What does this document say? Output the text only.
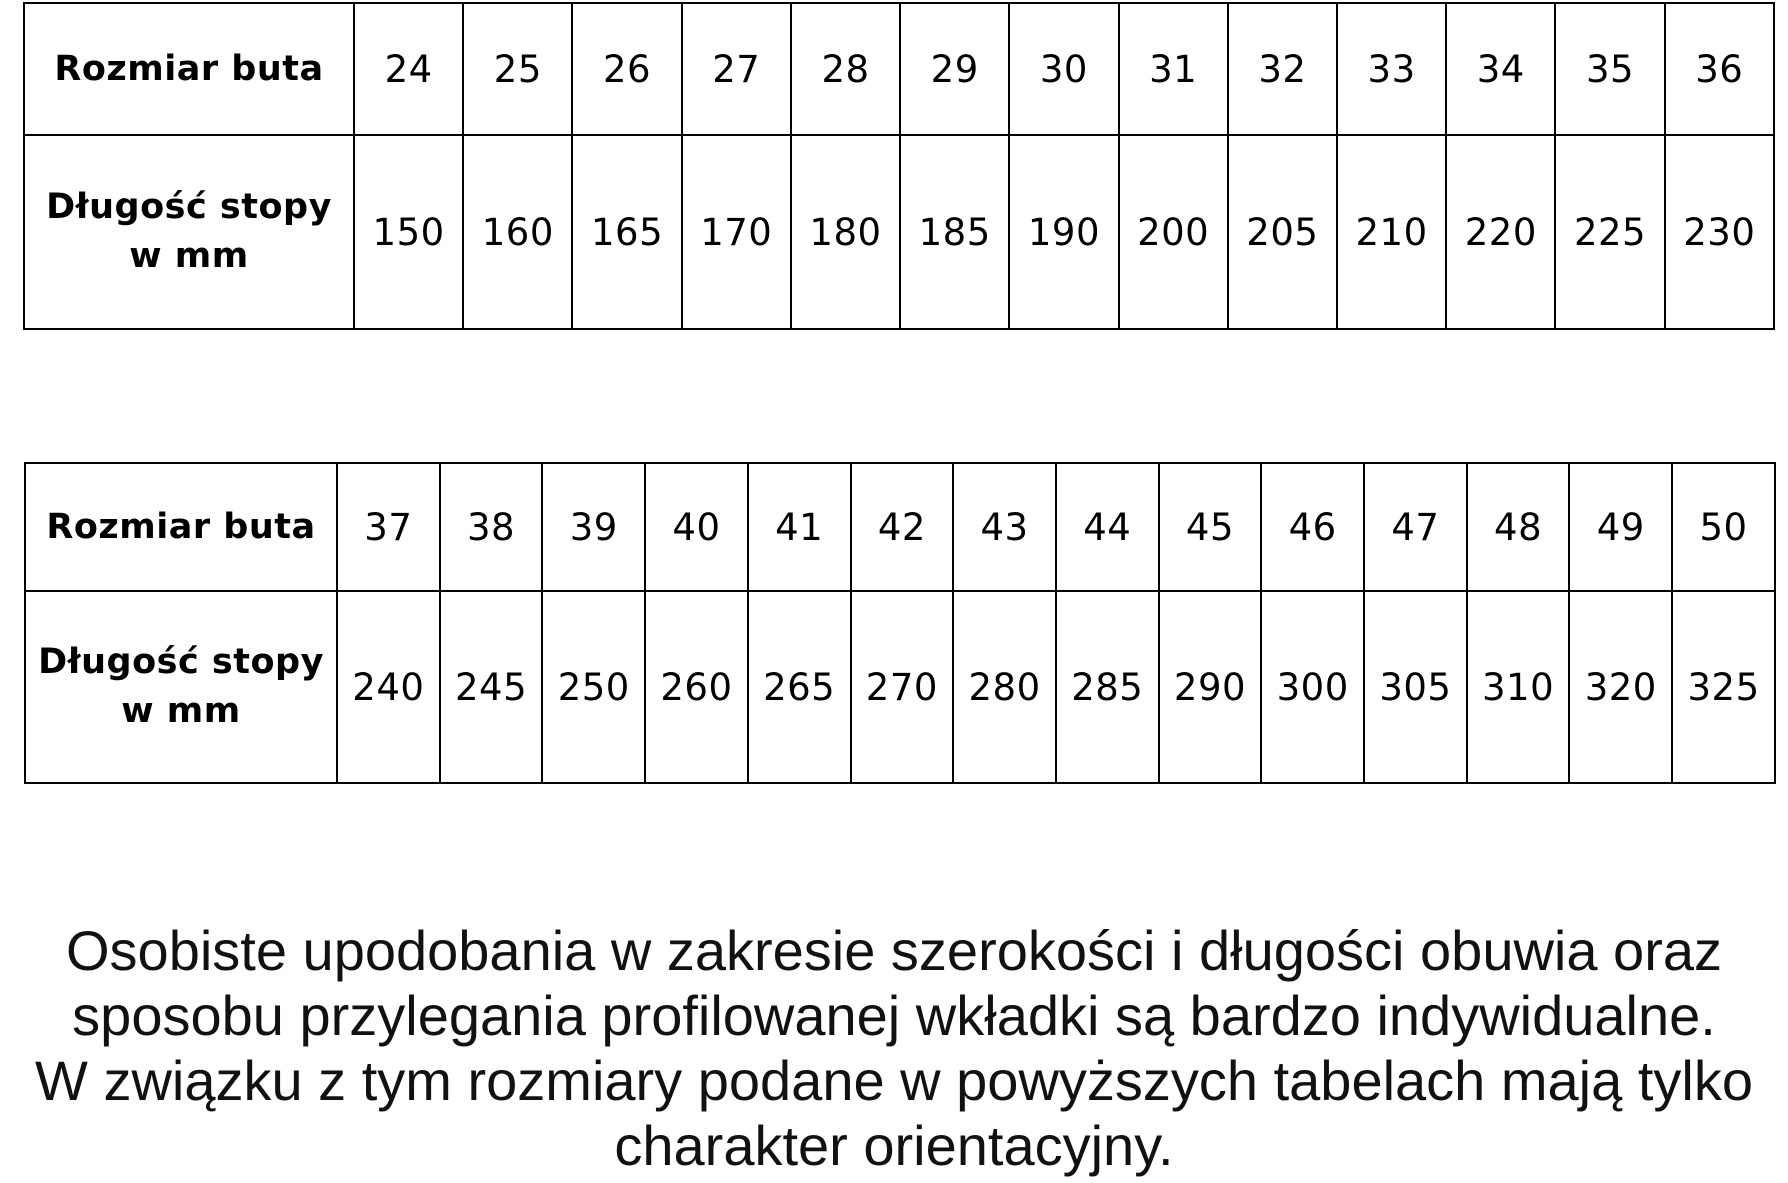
Rozmiar buta	24	25	26	27	28	29	30	31	32	33	34	35	36

Długość stopy
w mm	150	160	165	170	180	185	190	200	205	210	220	225	230
Rozmiar buta	37	38	39	40	41	42	43	44	45	46	47	48	49	50

Długość stopy
w mm	240	245	250	260	265	270	280	285	290	300	305	310	320	325
Osobiste upodobania w zakresie szerokości i długości obuwia oraz
sposobu przylegania profilowanej wkładki są bardzo indywidualne.
W związku z tym rozmiary podane w powyższych tabelach mają tylko
charakter orientacyjny.
